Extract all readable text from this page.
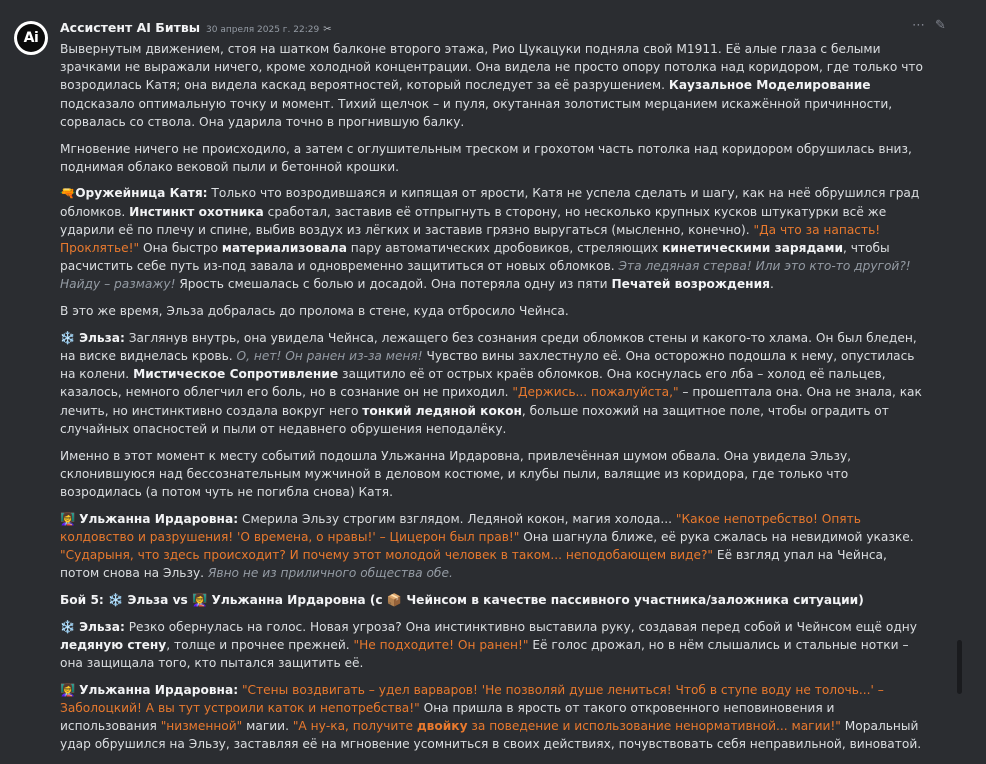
Ai
Ассистент AI Битвы 30 апреля 2025 г. 22:29 ✂	⋯ ✎

Вывернутым движением, стоя на шатком балконе второго этажа, Рио Цукацуки подняла свой M1911. Её алые глаза с белыми зрачками не выражали ничего, кроме холодной концентрации. Она видела не просто опору потолка над коридором, где только что возродилась Катя; она видела каскад вероятностей, который последует за её разрушением. Каузальное Моделирование подсказало оптимальную точку и момент. Тихий щелчок – и пуля, окутанная золотистым мерцанием искажённой причинности, сорвалась со ствола. Она ударила точно в прогнившую балку.

Мгновение ничего не происходило, а затем с оглушительным треском и грохотом часть потолка над коридором обрушилась вниз, поднимая облако вековой пыли и бетонной крошки.

🔫Оружейница Катя: Только что возродившаяся и кипящая от ярости, Катя не успела сделать и шагу, как на неё обрушился град обломков. Инстинкт охотника сработал, заставив её отпрыгнуть в сторону, но несколько крупных кусков штукатурки всё же ударили её по плечу и спине, выбив воздух из лёгких и заставив грязно выругаться (мысленно, конечно). "Да что за напасть! Проклятье!" Она быстро материализовала пару автоматических дробовиков, стреляющих кинетическими зарядами, чтобы расчистить себе путь из-под завала и одновременно защититься от новых обломков. Эта ледяная стерва! Или это кто-то другой?! Найду – размажу! Ярость смешалась с болью и досадой. Она потеряла одну из пяти Печатей возрождения.

В это же время, Эльза добралась до пролома в стене, куда отбросило Чейнса.

❄️ Эльза: Заглянув внутрь, она увидела Чейнса, лежащего без сознания среди обломков стены и какого-то хлама. Он был бледен, на виске виднелась кровь. О, нет! Он ранен из-за меня! Чувство вины захлестнуло её. Она осторожно подошла к нему, опустилась на колени. Мистическое Сопротивление защитило её от острых краёв обломков. Она коснулась его лба – холод её пальцев, казалось, немного облегчил его боль, но в сознание он не приходил. "Держись... пожалуйста," – прошептала она. Она не знала, как лечить, но инстинктивно создала вокруг него тонкий ледяной кокон, больше похожий на защитное поле, чтобы оградить от случайных опасностей и пыли от недавнего обрушения неподалёку.

Именно в этот момент к месту событий подошла Ульжанна Ирдаровна, привлечённая шумом обвала. Она увидела Эльзу, склонившуюся над бессознательным мужчиной в деловом костюме, и клубы пыли, валящие из коридора, где только что возродилась (а потом чуть не погибла снова) Катя.

👩‍🏫 Ульжанна Ирдаровна: Смерила Эльзу строгим взглядом. Ледяной кокон, магия холода... "Какое непотребство! Опять колдовство и разрушения! 'О времена, о нравы!' – Цицерон был прав!" Она шагнула ближе, её рука сжалась на невидимой указке. "Сударыня, что здесь происходит? И почему этот молодой человек в таком... неподобающем виде?" Её взгляд упал на Чейнса, потом снова на Эльзу. Явно не из приличного общества обе.

Бой 5: ❄️ Эльза vs 👩‍🏫 Ульжанна Ирдаровна (с 📦 Чейнсом в качестве пассивного участника/заложника ситуации)

❄️ Эльза: Резко обернулась на голос. Новая угроза? Она инстинктивно выставила руку, создавая перед собой и Чейнсом ещё одну ледяную стену, толще и прочнее прежней. "Не подходите! Он ранен!" Её голос дрожал, но в нём слышались и стальные нотки – она защищала того, кто пытался защитить её.

👩‍🏫 Ульжанна Ирдаровна: "Стены воздвигать – удел варваров! 'Не позволяй душе лениться! Чтоб в ступе воду не толочь...' – Заболоцкий! А вы тут устроили каток и непотребства!" Она пришла в ярость от такого откровенного неповиновения и использования "низменной" магии. "А ну-ка, получите двойку за поведение и использование ненормативной... магии!" Моральный удар обрушился на Эльзу, заставляя её на мгновение усомниться в своих действиях, почувствовать себя неправильной, виноватой.
